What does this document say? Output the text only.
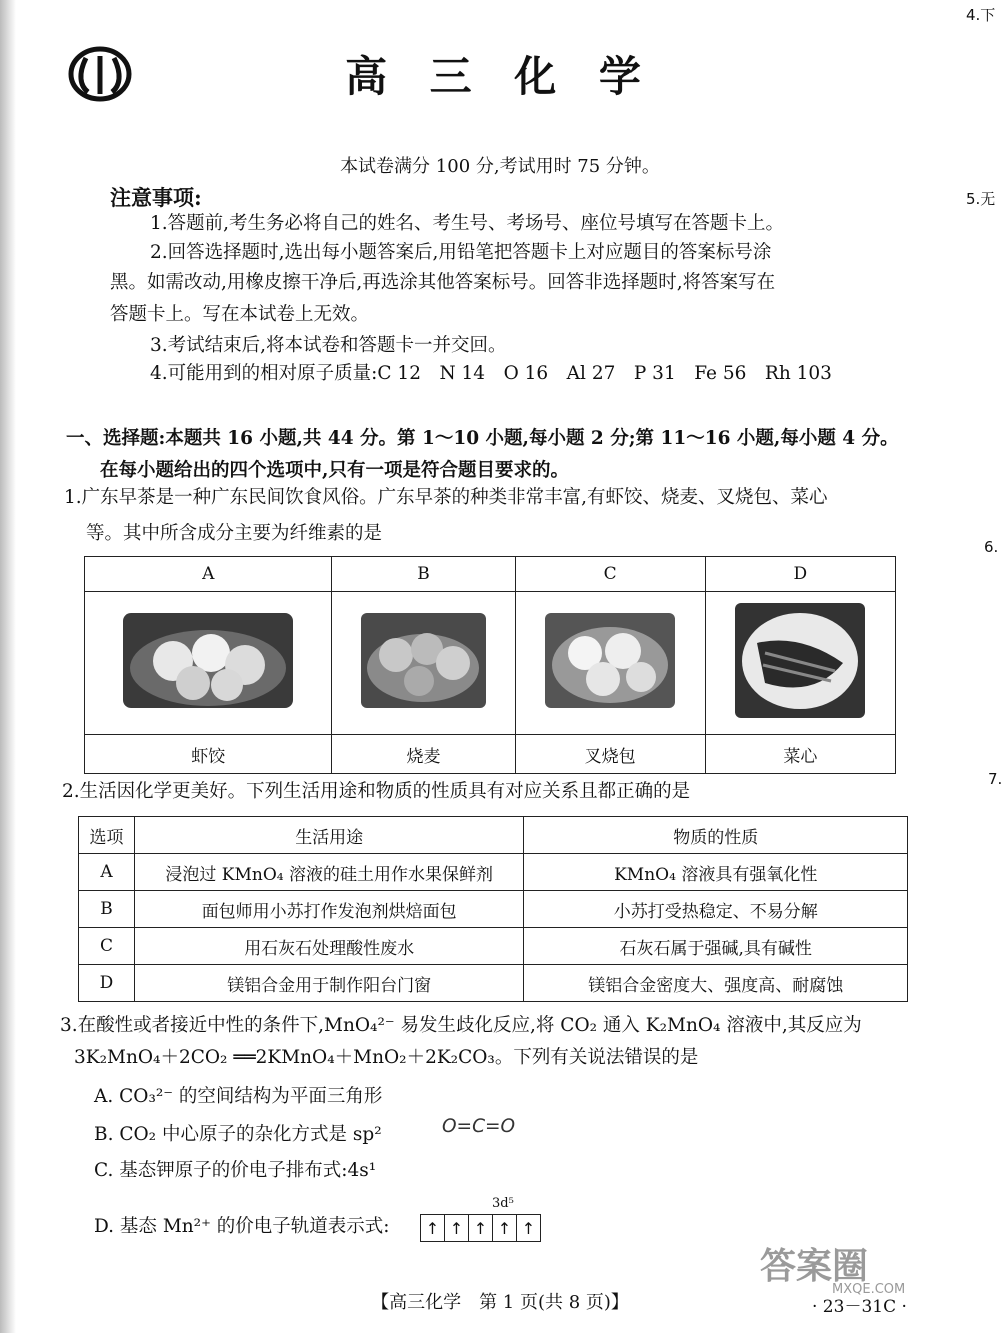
高 三 化 学
本试卷满分 100 分,考试用时 75 分钟。
注意事项:
1.答题前,考生务必将自己的姓名、考生号、考场号、座位号填写在答题卡上。
2.回答选择题时,选出每小题答案后,用铅笔把答题卡上对应题目的答案标号涂
黑。如需改动,用橡皮擦干净后,再选涂其他答案标号。回答非选择题时,将答案写在
答题卡上。写在本试卷上无效。
3.考试结束后,将本试卷和答题卡一并交回。
4.可能用到的相对原子质量:C 12　N 14　O 16　Al 27　P 31　Fe 56　Rh 103
一、选择题:本题共 16 小题,共 44 分。第 1～10 小题,每小题 2 分;第 11～16 小题,每小题 4 分。
在每小题给出的四个选项中,只有一项是符合题目要求的。
1.广东早茶是一种广东民间饮食风俗。广东早茶的种类非常丰富,有虾饺、烧麦、叉烧包、菜心
等。其中所含成分主要为纤维素的是
A	B	C	D

虾饺	烧麦	叉烧包	菜心
2.生活因化学更美好。下列生活用途和物质的性质具有对应关系且都正确的是
选项	生活用途	物质的性质
A	浸泡过 KMnO₄ 溶液的硅土用作水果保鲜剂	KMnO₄ 溶液具有强氧化性
B	面包师用小苏打作发泡剂烘焙面包	小苏打受热稳定、不易分解
C	用石灰石处理酸性废水	石灰石属于强碱,具有碱性
D	镁铝合金用于制作阳台门窗	镁铝合金密度大、强度高、耐腐蚀
3.在酸性或者接近中性的条件下,MnO₄²⁻ 易发生歧化反应,将 CO₂ 通入 K₂MnO₄ 溶液中,其反应为
3K₂MnO₄＋2CO₂ ══2KMnO₄＋MnO₂＋2K₂CO₃。下列有关说法错误的是
A. CO₃²⁻ 的空间结构为平面三角形
B. CO₂ 中心原子的杂化方式是 sp²	O=C=O
C. 基态钾原子的价电子排布式:4s¹
D. 基态 Mn²⁺ 的价电子轨道表示式:
3d⁵
↑ ↑ ↑ ↑ ↑
4.下
5.无
6.
7.
【高三化学　第 1 页(共 8 页)】	· 23－31C ·
答案圈
MXQE.COM
